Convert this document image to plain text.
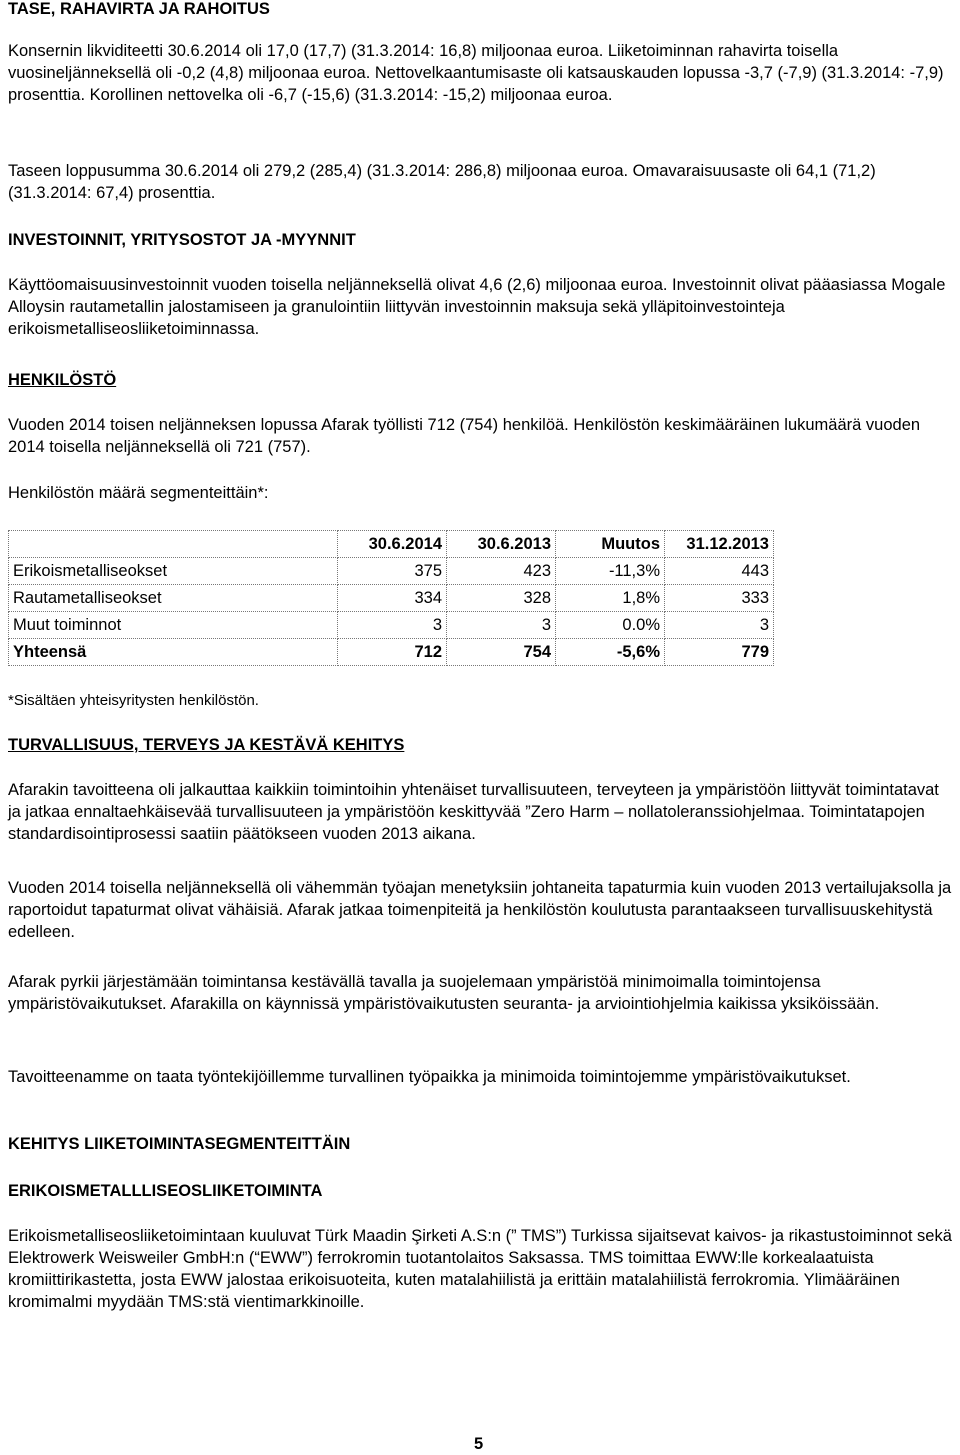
TASE, RAHAVIRTA JA RAHOITUS

Konsernin likviditeetti 30.6.2014 oli 17,0 (17,7) (31.3.2014: 16,8) miljoonaa euroa. Liiketoiminnan rahavirta toisella vuosineljänneksellä oli -0,2 (4,8) miljoonaa euroa. Nettovelkaantumisaste oli katsauskauden lopussa -3,7 (-7,9) (31.3.2014: -7,9) prosenttia. Korollinen nettovelka oli -6,7 (-15,6) (31.3.2014: -15,2) miljoonaa euroa.

Taseen loppusumma 30.6.2014 oli 279,2 (285,4) (31.3.2014: 286,8) miljoonaa euroa. Omavaraisuusaste oli 64,1 (71,2) (31.3.2014: 67,4) prosenttia.

INVESTOINNIT, YRITYSOSTOT JA -MYYNNIT

Käyttöomaisuusinvestoinnit vuoden toisella neljänneksellä olivat 4,6 (2,6) miljoonaa euroa. Investoinnit olivat pääasiassa Mogale Alloysin rautametallin jalostamiseen ja granulointiin liittyvän investoinnin maksuja sekä ylläpitoinvestointeja erikoismetalliseosliiketoiminnassa.

HENKILÖSTÖ

Vuoden 2014 toisen neljänneksen lopussa Afarak työllisti 712 (754) henkilöä. Henkilöstön keskimääräinen lukumäärä vuoden 2014 toisella neljänneksellä oli 721 (757).

Henkilöstön määrä segmenteittäin*:

	30.6.2014	30.6.2013	Muutos	31.12.2013
Erikoismetalliseokset	375	423	-11,3%	443
Rautametalliseokset	334	328	1,8%	333
Muut toiminnot	3	3	0.0%	3
Yhteensä	712	754	-5,6%	779

*Sisältäen yhteisyritysten henkilöstön.

TURVALLISUUS, TERVEYS JA KESTÄVÄ KEHITYS

Afarakin tavoitteena oli jalkauttaa kaikkiin toimintoihin yhtenäiset turvallisuuteen, terveyteen ja ympäristöön liittyvät toimintatavat ja jatkaa ennaltaehkäisevää turvallisuuteen ja ympäristöön keskittyvää ”Zero Harm – nollatoleranssiohjelmaa. Toimintatapojen standardisointiprosessi saatiin päätökseen vuoden 2013 aikana.

Vuoden 2014 toisella neljänneksellä oli vähemmän työajan menetyksiin johtaneita tapaturmia kuin vuoden 2013 vertailujaksolla ja raportoidut tapaturmat olivat vähäisiä. Afarak jatkaa toimenpiteitä ja henkilöstön koulutusta parantaakseen turvallisuuskehitystä edelleen.

Afarak pyrkii järjestämään toimintansa kestävällä tavalla ja suojelemaan ympäristöä minimoimalla toimintojensa ympäristövaikutukset. Afarakilla on käynnissä ympäristövaikutusten seuranta- ja arviointiohjelmia kaikissa yksiköissään.

Tavoitteenamme on taata työntekijöillemme turvallinen työpaikka ja minimoida toimintojemme ympäristövaikutukset.

KEHITYS LIIKETOIMINTASEGMENTEITTÄIN
ERIKOISMETALLLISEOSLIIKETOIMINTA

Erikoismetalliseosliiketoimintaan kuuluvat Türk Maadin Şirketi A.S:n (” TMS”) Turkissa sijaitsevat kaivos- ja rikastustoiminnot sekä Elektrowerk Weisweiler GmbH:n (“EWW”) ferrokromin tuotantolaitos Saksassa. TMS toimittaa EWW:lle korkealaatuista kromiittirikastetta, josta EWW jalostaa erikoisuoteita, kuten matalahiilistä ja erittäin matalahiilistä ferrokromia. Ylimääräinen kromimalmi myydään TMS:stä vientimarkkinoille.

5
